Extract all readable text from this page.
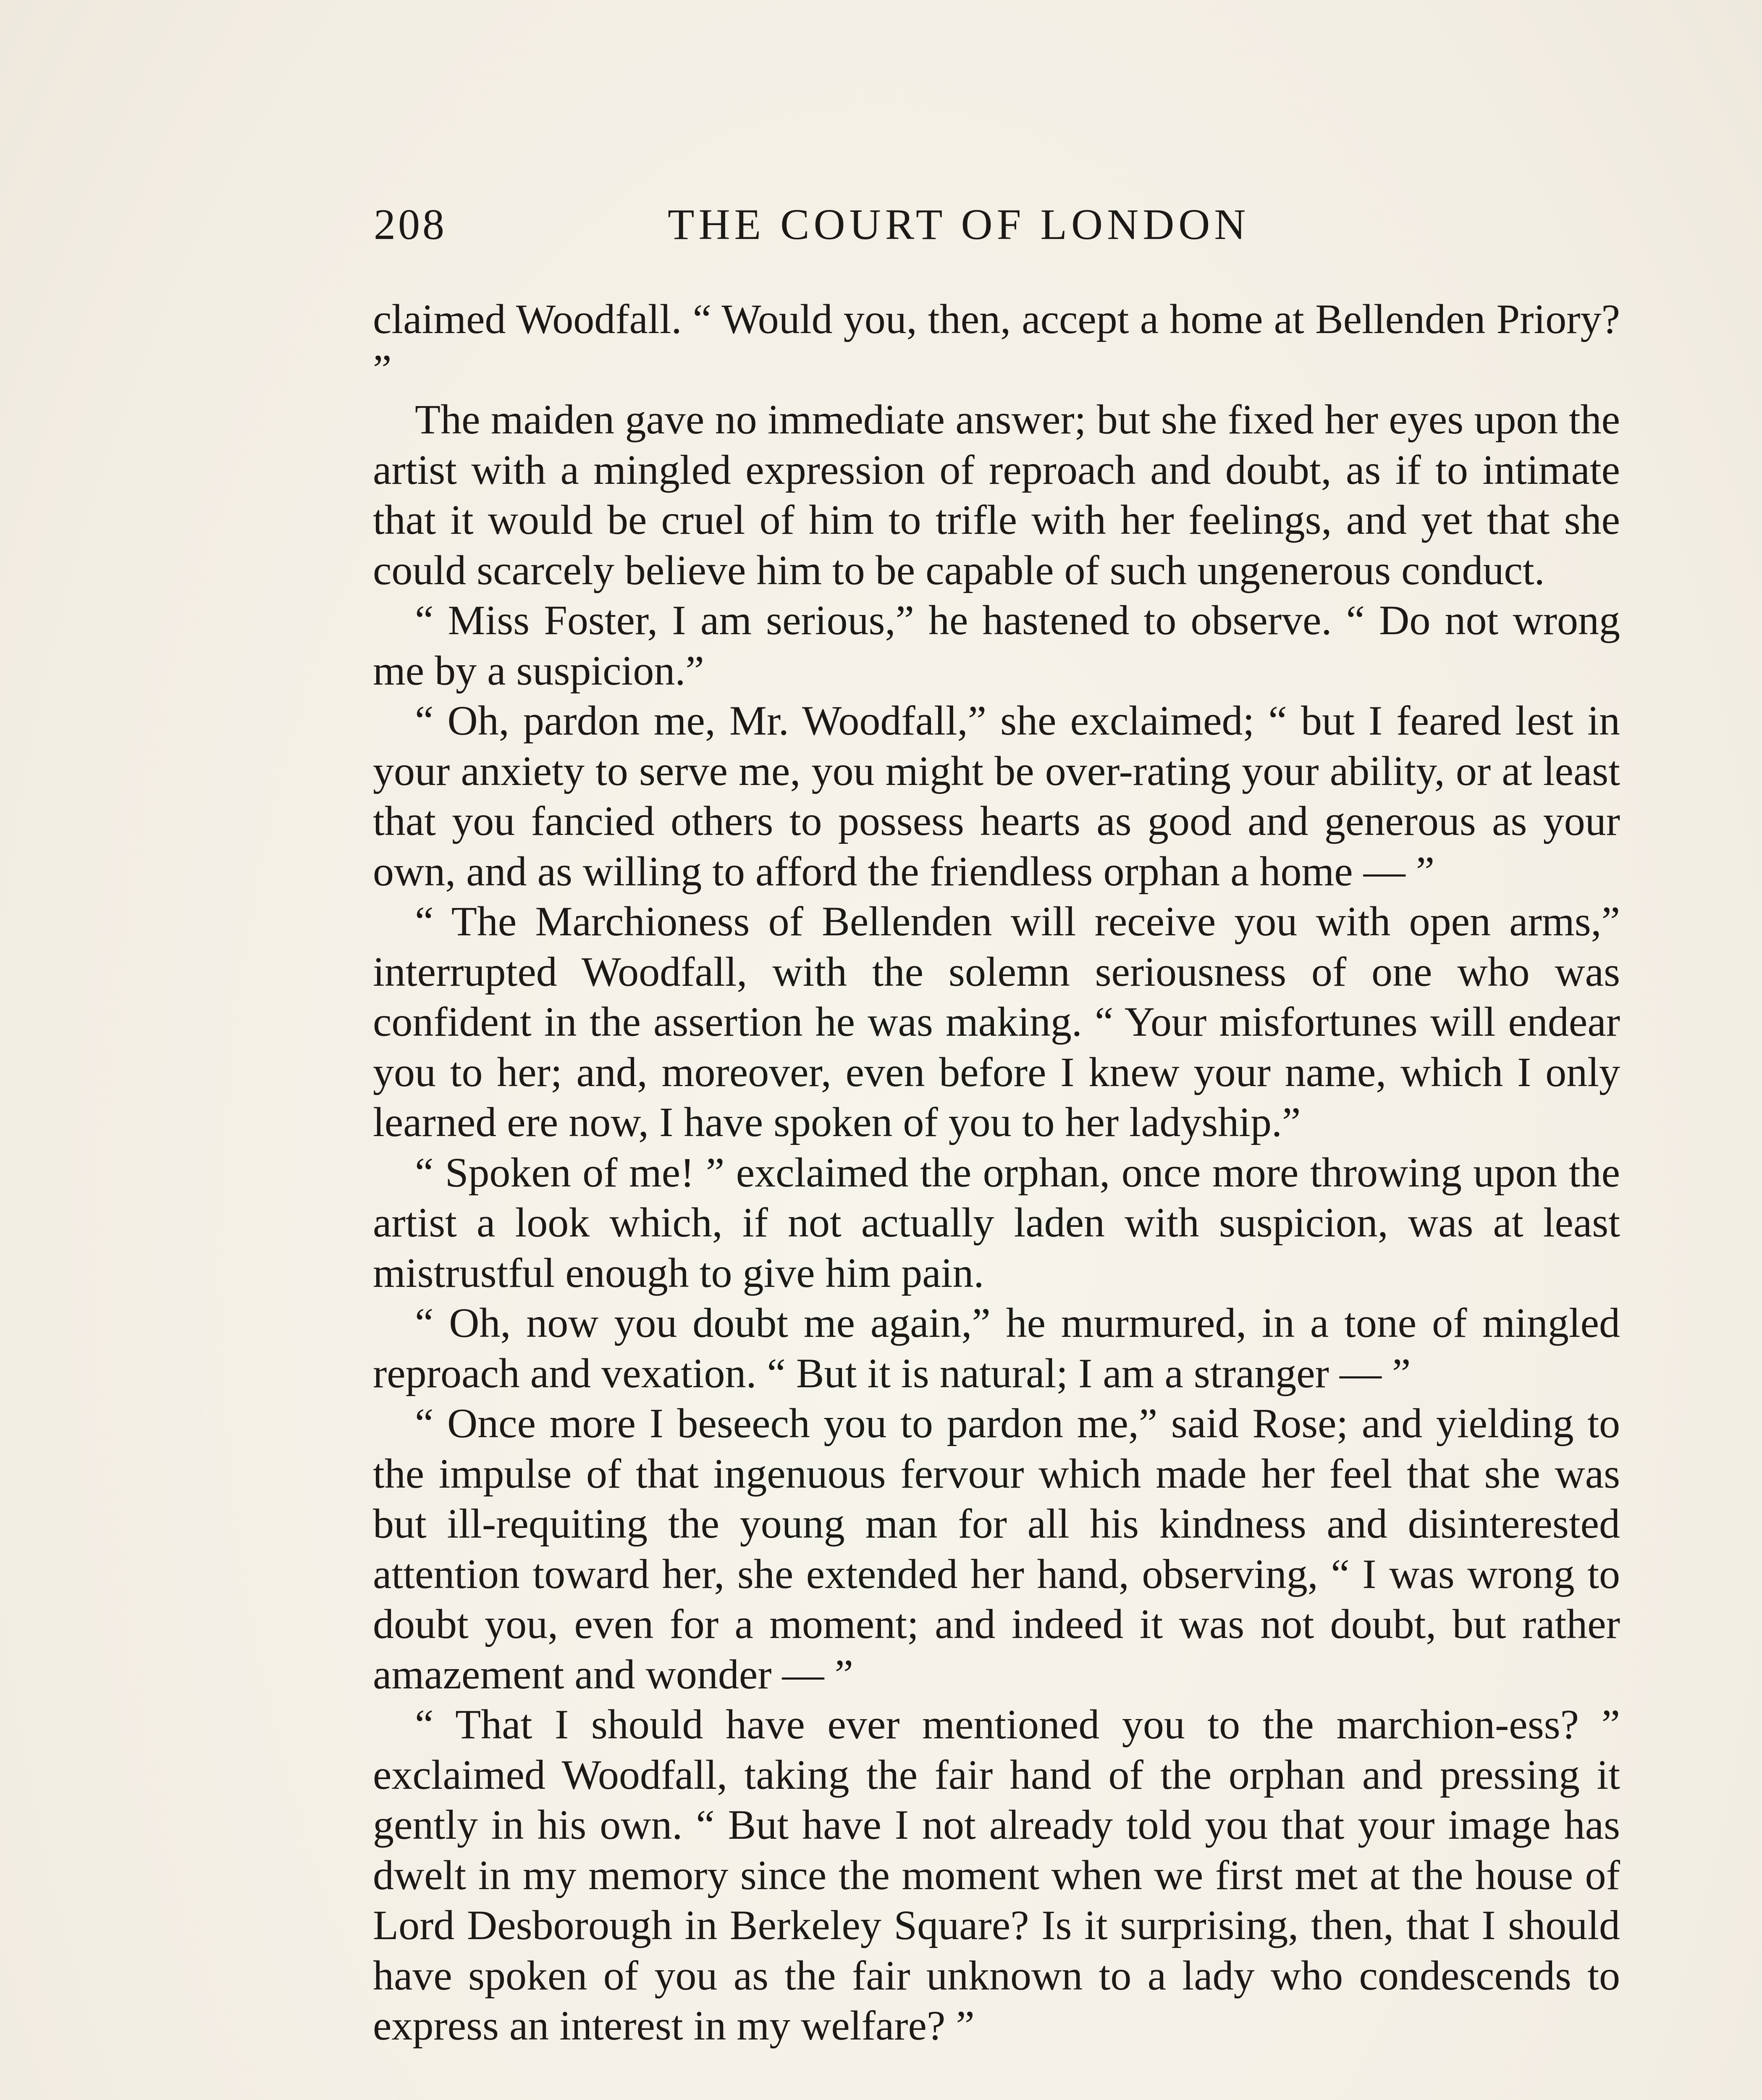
208	THE COURT OF LONDON

claimed Woodfall. “ Would you, then, accept a home at Bellenden Priory? ”

The maiden gave no immediate answer; but she fixed her eyes upon the artist with a mingled expression of reproach and doubt, as if to intimate that it would be cruel of him to trifle with her feelings, and yet that she could scarcely believe him to be capable of such ungenerous conduct.

“ Miss Foster, I am serious,” he hastened to observe. “ Do not wrong me by a suspicion.”

“ Oh, pardon me, Mr. Woodfall,” she exclaimed; “ but I feared lest in your anxiety to serve me, you might be over-rating your ability, or at least that you fancied others to possess hearts as good and generous as your own, and as willing to afford the friendless orphan a home — ”

“ The Marchioness of Bellenden will receive you with open arms,” interrupted Woodfall, with the solemn seriousness of one who was confident in the assertion he was making. “ Your misfortunes will endear you to her; and, moreover, even before I knew your name, which I only learned ere now, I have spoken of you to her ladyship.”

“ Spoken of me! ” exclaimed the orphan, once more throwing upon the artist a look which, if not actually laden with suspicion, was at least mistrustful enough to give him pain.

“ Oh, now you doubt me again,” he murmured, in a tone of mingled reproach and vexation. “ But it is natural; I am a stranger — ”

“ Once more I beseech you to pardon me,” said Rose; and yielding to the impulse of that ingenuous fervour which made her feel that she was but ill-requiting the young man for all his kindness and disinterested attention toward her, she extended her hand, observing, “ I was wrong to doubt you, even for a moment; and indeed it was not doubt, but rather amazement and wonder — ”

“ That I should have ever mentioned you to the marchion-ess? ” exclaimed Woodfall, taking the fair hand of the orphan and pressing it gently in his own. “ But have I not already told you that your image has dwelt in my memory since the moment when we first met at the house of Lord Desborough in Berkeley Square? Is it surprising, then, that I should have spoken of you as the fair unknown to a lady who condescends to express an interest in my welfare? ”
